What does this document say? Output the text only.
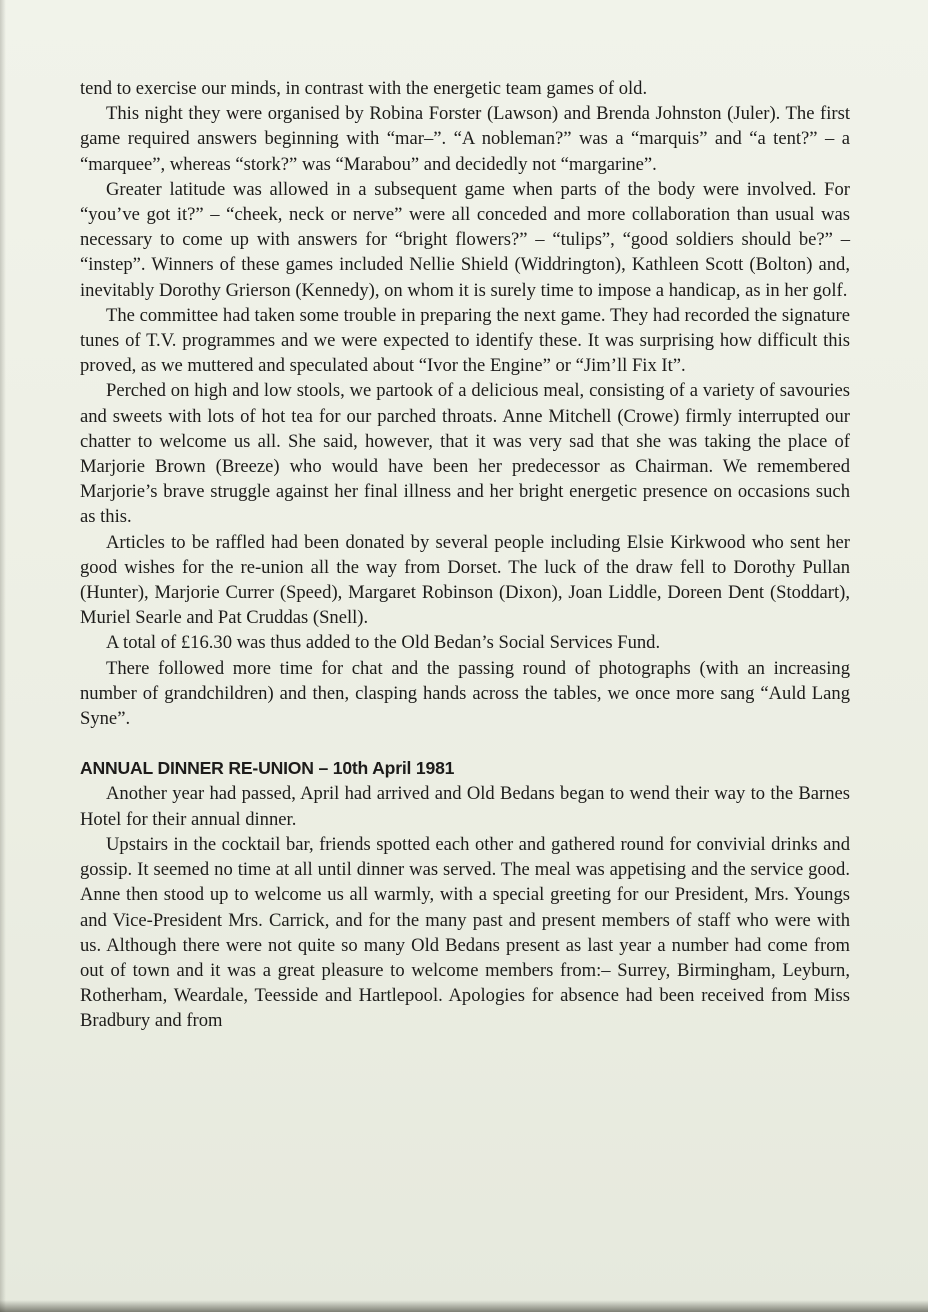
tend to exercise our minds, in contrast with the energetic team games of old.

This night they were organised by Robina Forster (Lawson) and Brenda Johnston (Juler). The first game required answers beginning with “mar–”. “A nobleman?” was a “marquis” and “a tent?” – a “marquee”, whereas “stork?” was “Marabou” and decidedly not “margarine”.

Greater latitude was allowed in a subsequent game when parts of the body were involved. For “you’ve got it?” – “cheek, neck or nerve” were all conceded and more collaboration than usual was necessary to come up with answers for “bright flowers?” – “tulips”, “good soldiers should be?” – “instep”. Winners of these games included Nellie Shield (Widdrington), Kathleen Scott (Bolton) and, inevitably Dorothy Grierson (Kennedy), on whom it is surely time to impose a handicap, as in her golf.

The committee had taken some trouble in preparing the next game. They had recorded the signature tunes of T.V. programmes and we were expected to identify these. It was surprising how difficult this proved, as we muttered and speculated about “Ivor the Engine” or “Jim’ll Fix It”.

Perched on high and low stools, we partook of a delicious meal, consisting of a variety of savouries and sweets with lots of hot tea for our parched throats. Anne Mitchell (Crowe) firmly interrupted our chatter to welcome us all. She said, however, that it was very sad that she was taking the place of Marjorie Brown (Breeze) who would have been her predecessor as Chairman. We remembered Marjorie’s brave struggle against her final illness and her bright energetic presence on occasions such as this.

Articles to be raffled had been donated by several people including Elsie Kirkwood who sent her good wishes for the re-union all the way from Dorset. The luck of the draw fell to Dorothy Pullan (Hunter), Marjorie Currer (Speed), Margaret Robinson (Dixon), Joan Liddle, Doreen Dent (Stoddart), Muriel Searle and Pat Cruddas (Snell).

A total of £16.30 was thus added to the Old Bedan’s Social Services Fund.

There followed more time for chat and the passing round of photographs (with an increasing number of grandchildren) and then, clasping hands across the tables, we once more sang “Auld Lang Syne”.

ANNUAL DINNER RE-UNION – 10th April 1981

Another year had passed, April had arrived and Old Bedans began to wend their way to the Barnes Hotel for their annual dinner.

Upstairs in the cocktail bar, friends spotted each other and gathered round for convivial drinks and gossip. It seemed no time at all until dinner was served. The meal was appetising and the service good. Anne then stood up to welcome us all warmly, with a special greeting for our President, Mrs. Youngs and Vice-President Mrs. Carrick, and for the many past and present members of staff who were with us. Although there were not quite so many Old Bedans present as last year a number had come from out of town and it was a great pleasure to welcome members from:– Surrey, Birmingham, Leyburn, Rotherham, Weardale, Teesside and Hartlepool. Apologies for absence had been received from Miss Bradbury and from
